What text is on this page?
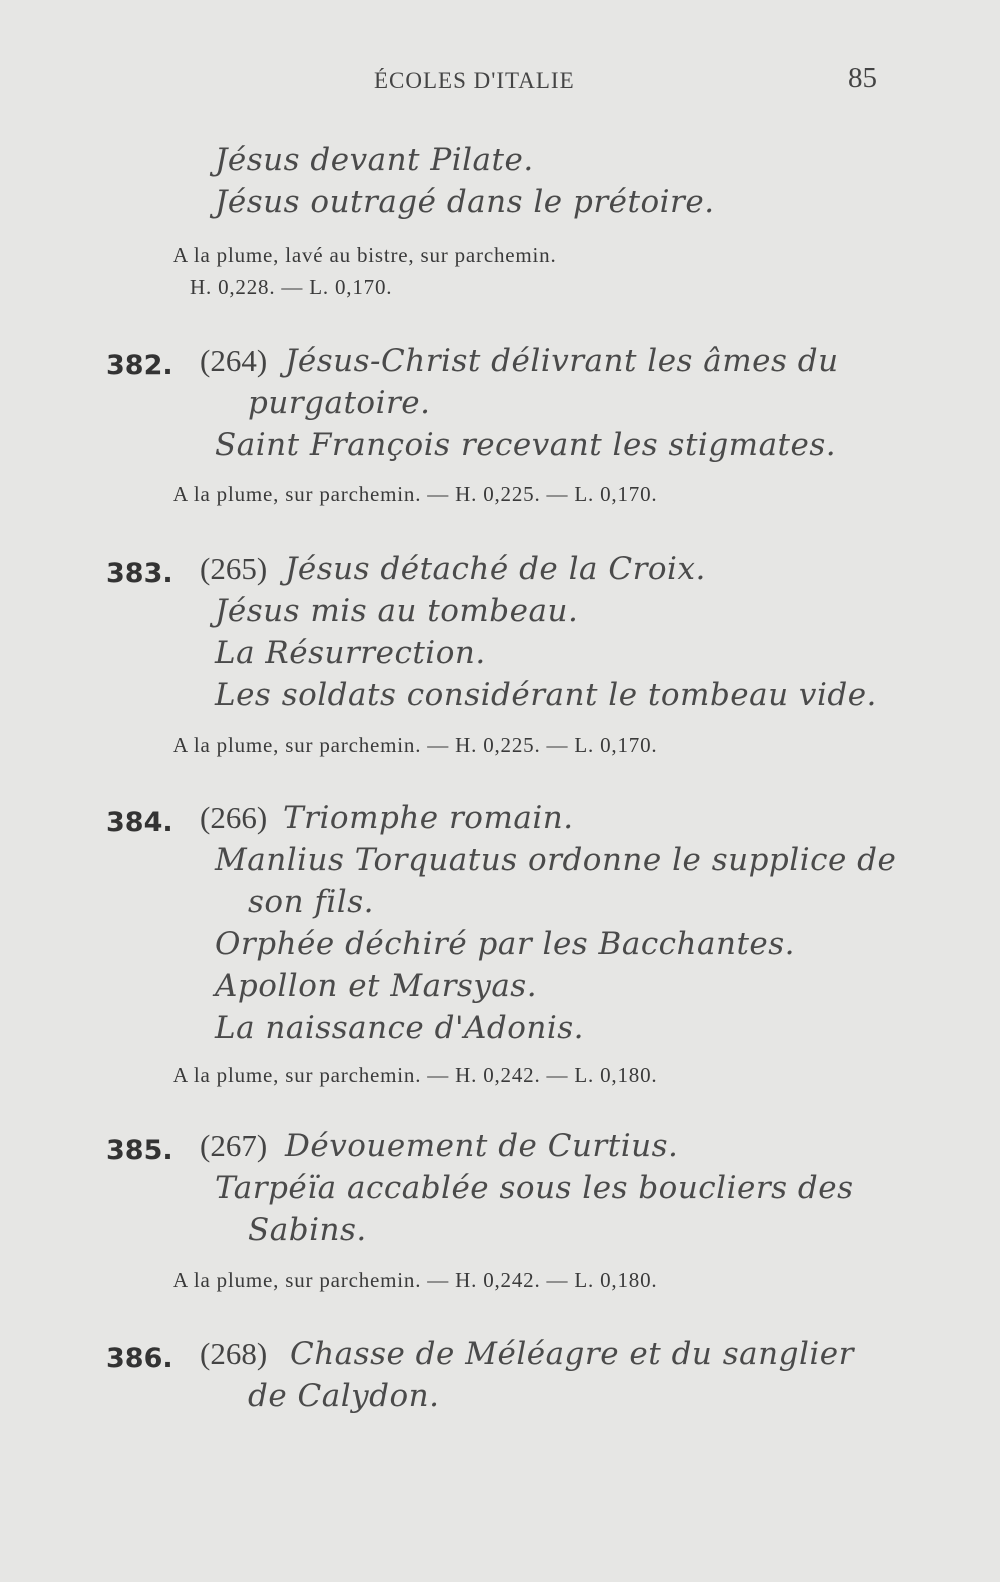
ÉCOLES D'ITALIE	85
Jésus devant Pilate.
Jésus outragé dans le prétoire.
A la plume, lavé au bistre, sur parchemin.
H. 0,228. — L. 0,170.
382. (264) Jésus-Christ délivrant les âmes du
purgatoire.
Saint François recevant les stigmates.
A la plume, sur parchemin. — H. 0,225. — L. 0,170.
383. (265) Jésus détaché de la Croix.
Jésus mis au tombeau.
La Résurrection.
Les soldats considérant le tombeau vide.
A la plume, sur parchemin. — H. 0,225. — L. 0,170.
384. (266) Triomphe romain.
Manlius Torquatus ordonne le supplice de
son fils.
Orphée déchiré par les Bacchantes.
Apollon et Marsyas.
La naissance d'Adonis.
A la plume, sur parchemin. — H. 0,242. — L. 0,180.
385. (267) Dévouement de Curtius.
Tarpéïa accablée sous les boucliers des
Sabins.
A la plume, sur parchemin. — H. 0,242. — L. 0,180.
386. (268) Chasse de Méléagre et du sanglier
de Calydon.
